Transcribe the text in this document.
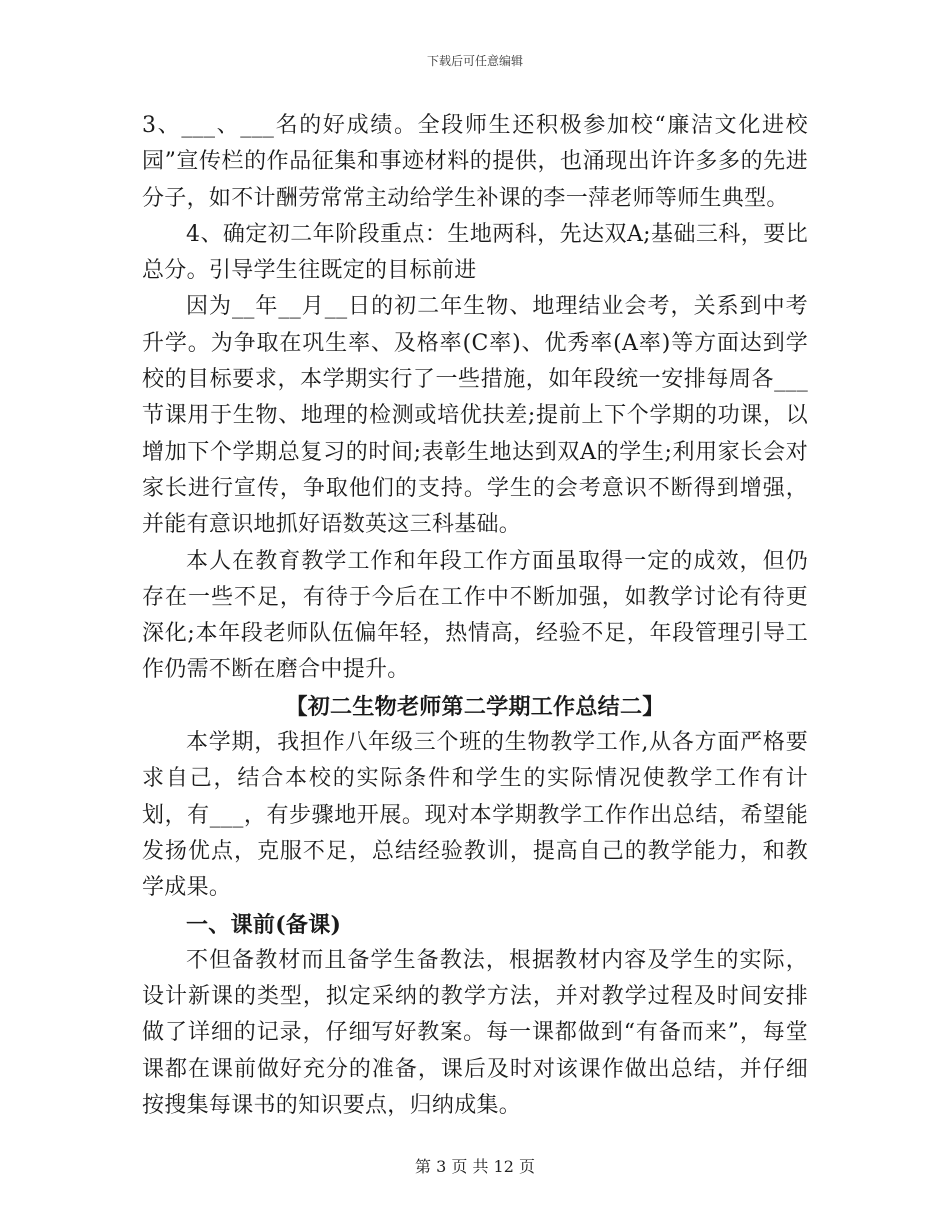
下载后可任意编辑

3、___、___名的好成绩。全段师生还积极参加校“廉洁文化进校园”宣传栏的作品征集和事迹材料的提供，也涌现出许许多多的先进分子，如不计酬劳常常主动给学生补课的李一萍老师等师生典型。

4、确定初二年阶段重点：生地两科，先达双A;基础三科，要比总分。引导学生往既定的目标前进

因为__年__月__日的初二年生物、地理结业会考，关系到中考升学。为争取在巩生率、及格率(C率)、优秀率(A率)等方面达到学校的目标要求，本学期实行了一些措施，如年段统一安排每周各___节课用于生物、地理的检测或培优扶差;提前上下个学期的功课，以增加下个学期总复习的时间;表彰生地达到双A的学生;利用家长会对家长进行宣传，争取他们的支持。学生的会考意识不断得到增强，并能有意识地抓好语数英这三科基础。

本人在教育教学工作和年段工作方面虽取得一定的成效，但仍存在一些不足，有待于今后在工作中不断加强，如教学讨论有待更深化;本年段老师队伍偏年轻，热情高，经验不足，年段管理引导工作仍需不断在磨合中提升。

【初二生物老师第二学期工作总结二】

本学期，我担作八年级三个班的生物教学工作,从各方面严格要求自己，结合本校的实际条件和学生的实际情况使教学工作有计划，有___，有步骤地开展。现对本学期教学工作作出总结，希望能发扬优点，克服不足，总结经验教训，提高自己的教学能力，和教学成果。

一、课前(备课)

不但备教材而且备学生备教法，根据教材内容及学生的实际，设计新课的类型，拟定采纳的教学方法，并对教学过程及时间安排做了详细的记录，仔细写好教案。每一课都做到“有备而来”，每堂课都在课前做好充分的准备，课后及时对该课作做出总结，并仔细按搜集每课书的知识要点，归纳成集。

第 3 页 共 12 页
